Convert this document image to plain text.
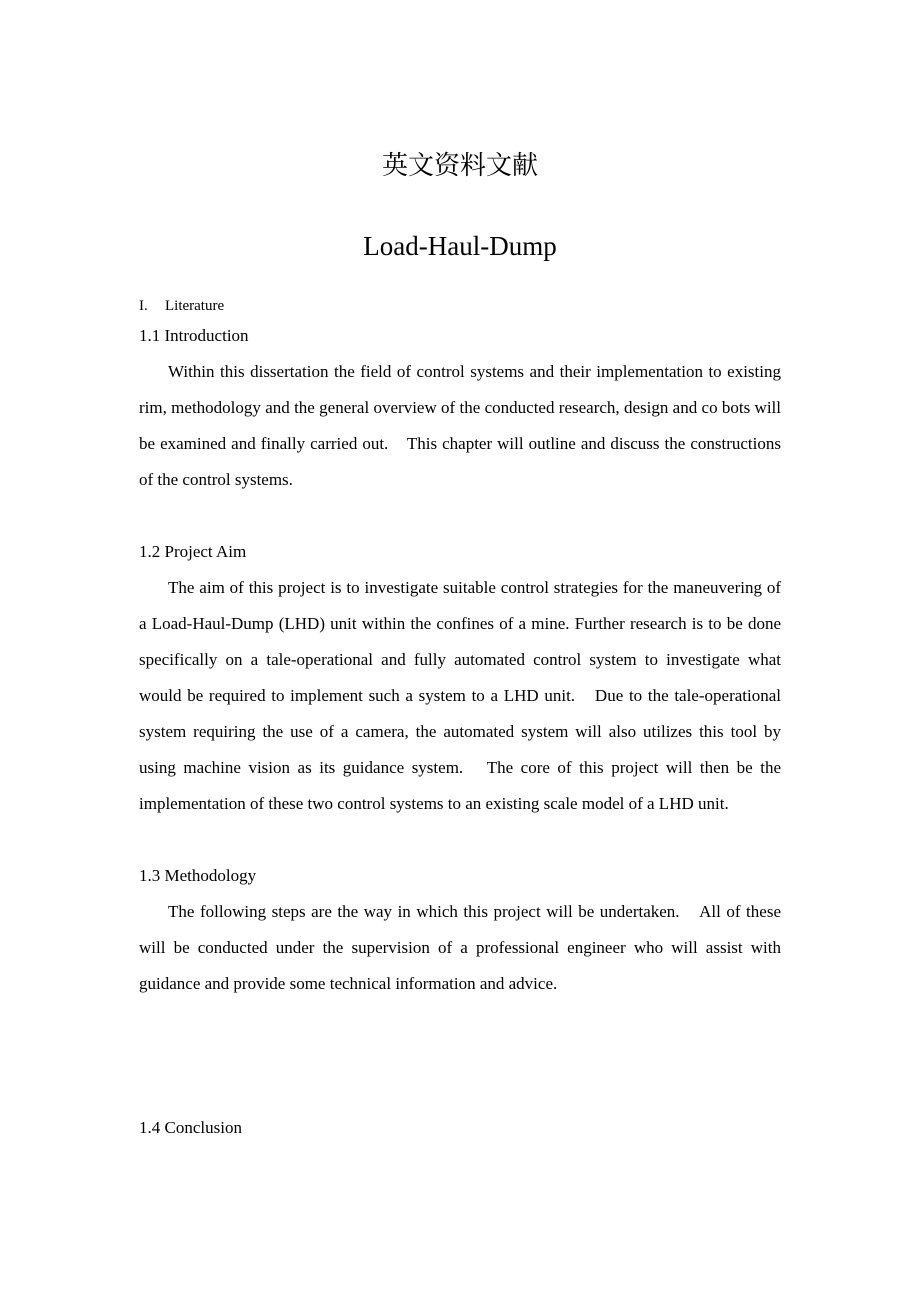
英文资料文献
Load-Haul-Dump
I. Literature
1.1 Introduction

Within this dissertation the field of control systems and their implementation to existing rim, methodology and the general overview of the conducted research, design and co bots will be examined and finally carried out.　This chapter will outline and discuss the constructions of the control systems.

1.2 Project Aim

The aim of this project is to investigate suitable control strategies for the maneuvering of a Load-Haul-Dump (LHD) unit within the confines of a mine. Further research is to be done specifically on a tale-operational and fully automated control system to investigate what would be required to implement such a system to a LHD unit.　Due to the tale-operational system requiring the use of a camera, the automated system will also utilizes this tool by using machine vision as its guidance system.　The core of this project will then be the implementation of these two control systems to an existing scale model of a LHD unit.

1.3 Methodology

The following steps are the way in which this project will be undertaken.　All of these will be conducted under the supervision of a professional engineer who will assist with guidance and provide some technical information and advice.

1.4 Conclusion
